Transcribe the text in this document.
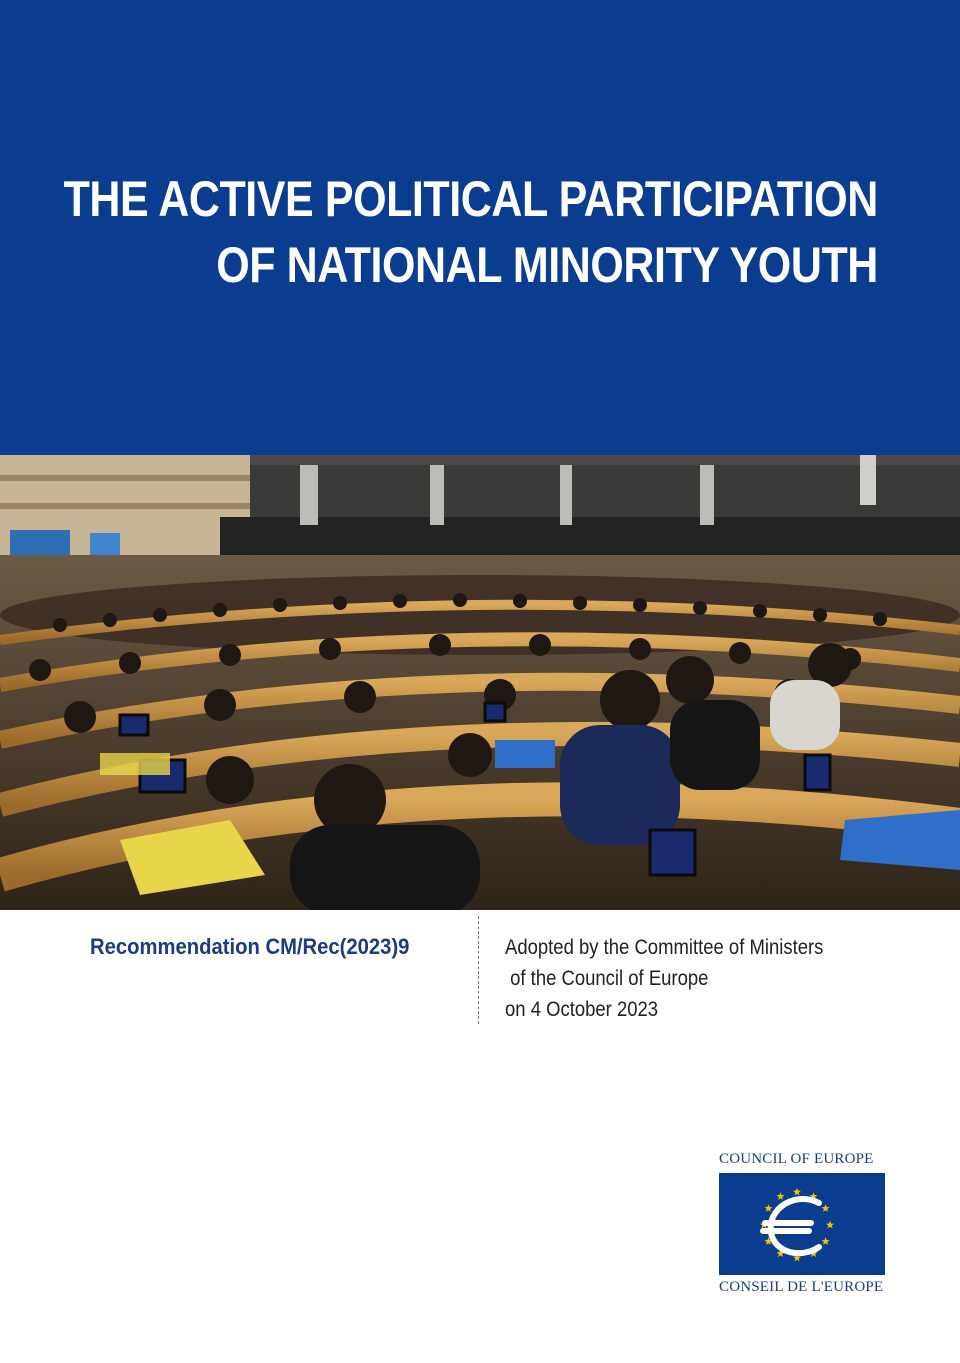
THE ACTIVE POLITICAL PARTICIPATION
OF NATIONAL MINORITY YOUTH
Recommendation CM/Rec(2023)9	Adopted by the Committee of Ministers
of the Council of Europe
on 4 October 2023
COUNCIL OF EUROPE
CONSEIL DE L'EUROPE
